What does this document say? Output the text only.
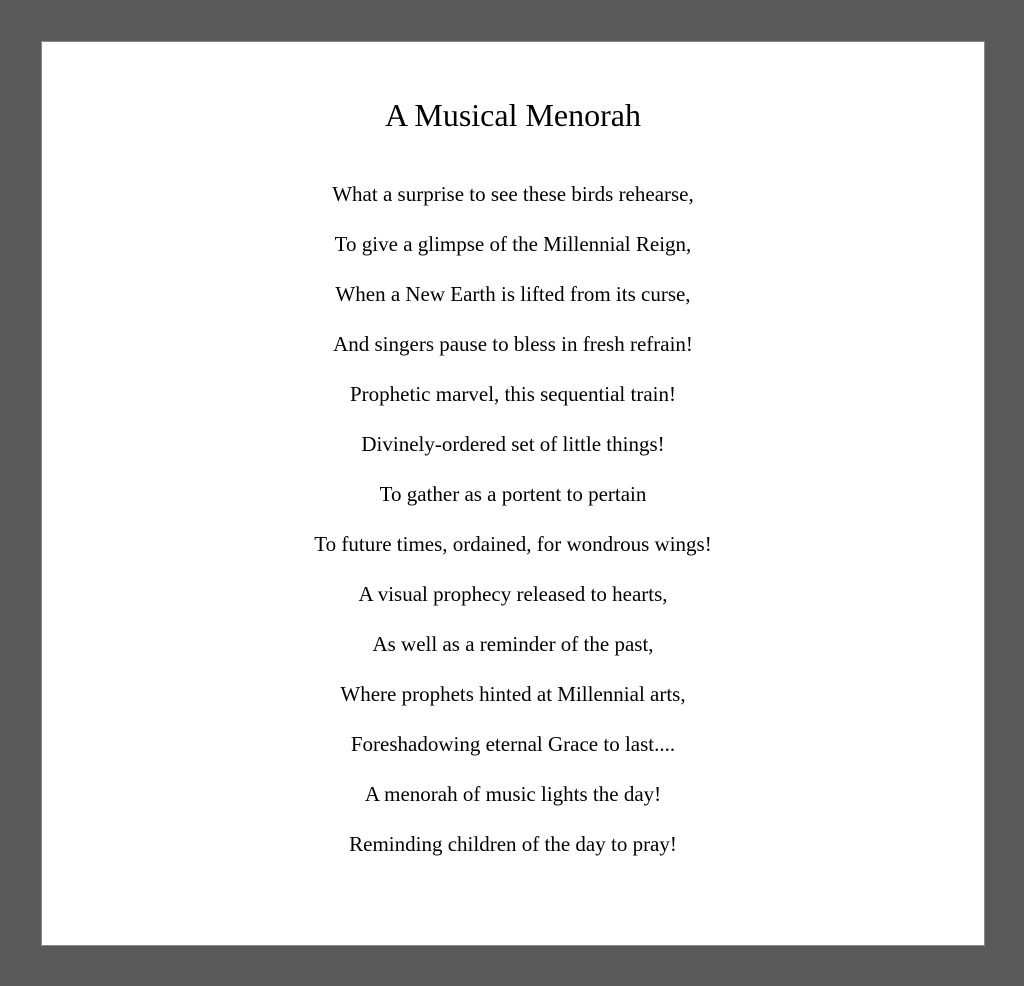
A Musical Menorah
What a surprise to see these birds rehearse,
To give a glimpse of the Millennial Reign,
When a New Earth is lifted from its curse,
And singers pause to bless in fresh refrain!
Prophetic marvel, this sequential train!
Divinely-ordered set of little things!
To gather as a portent to pertain
To future times, ordained, for wondrous wings!
A visual prophecy released to hearts,
As well as a reminder of the past,
Where prophets hinted at Millennial arts,
Foreshadowing eternal Grace to last....
A menorah of music lights the day!
Reminding children of the day to pray!
